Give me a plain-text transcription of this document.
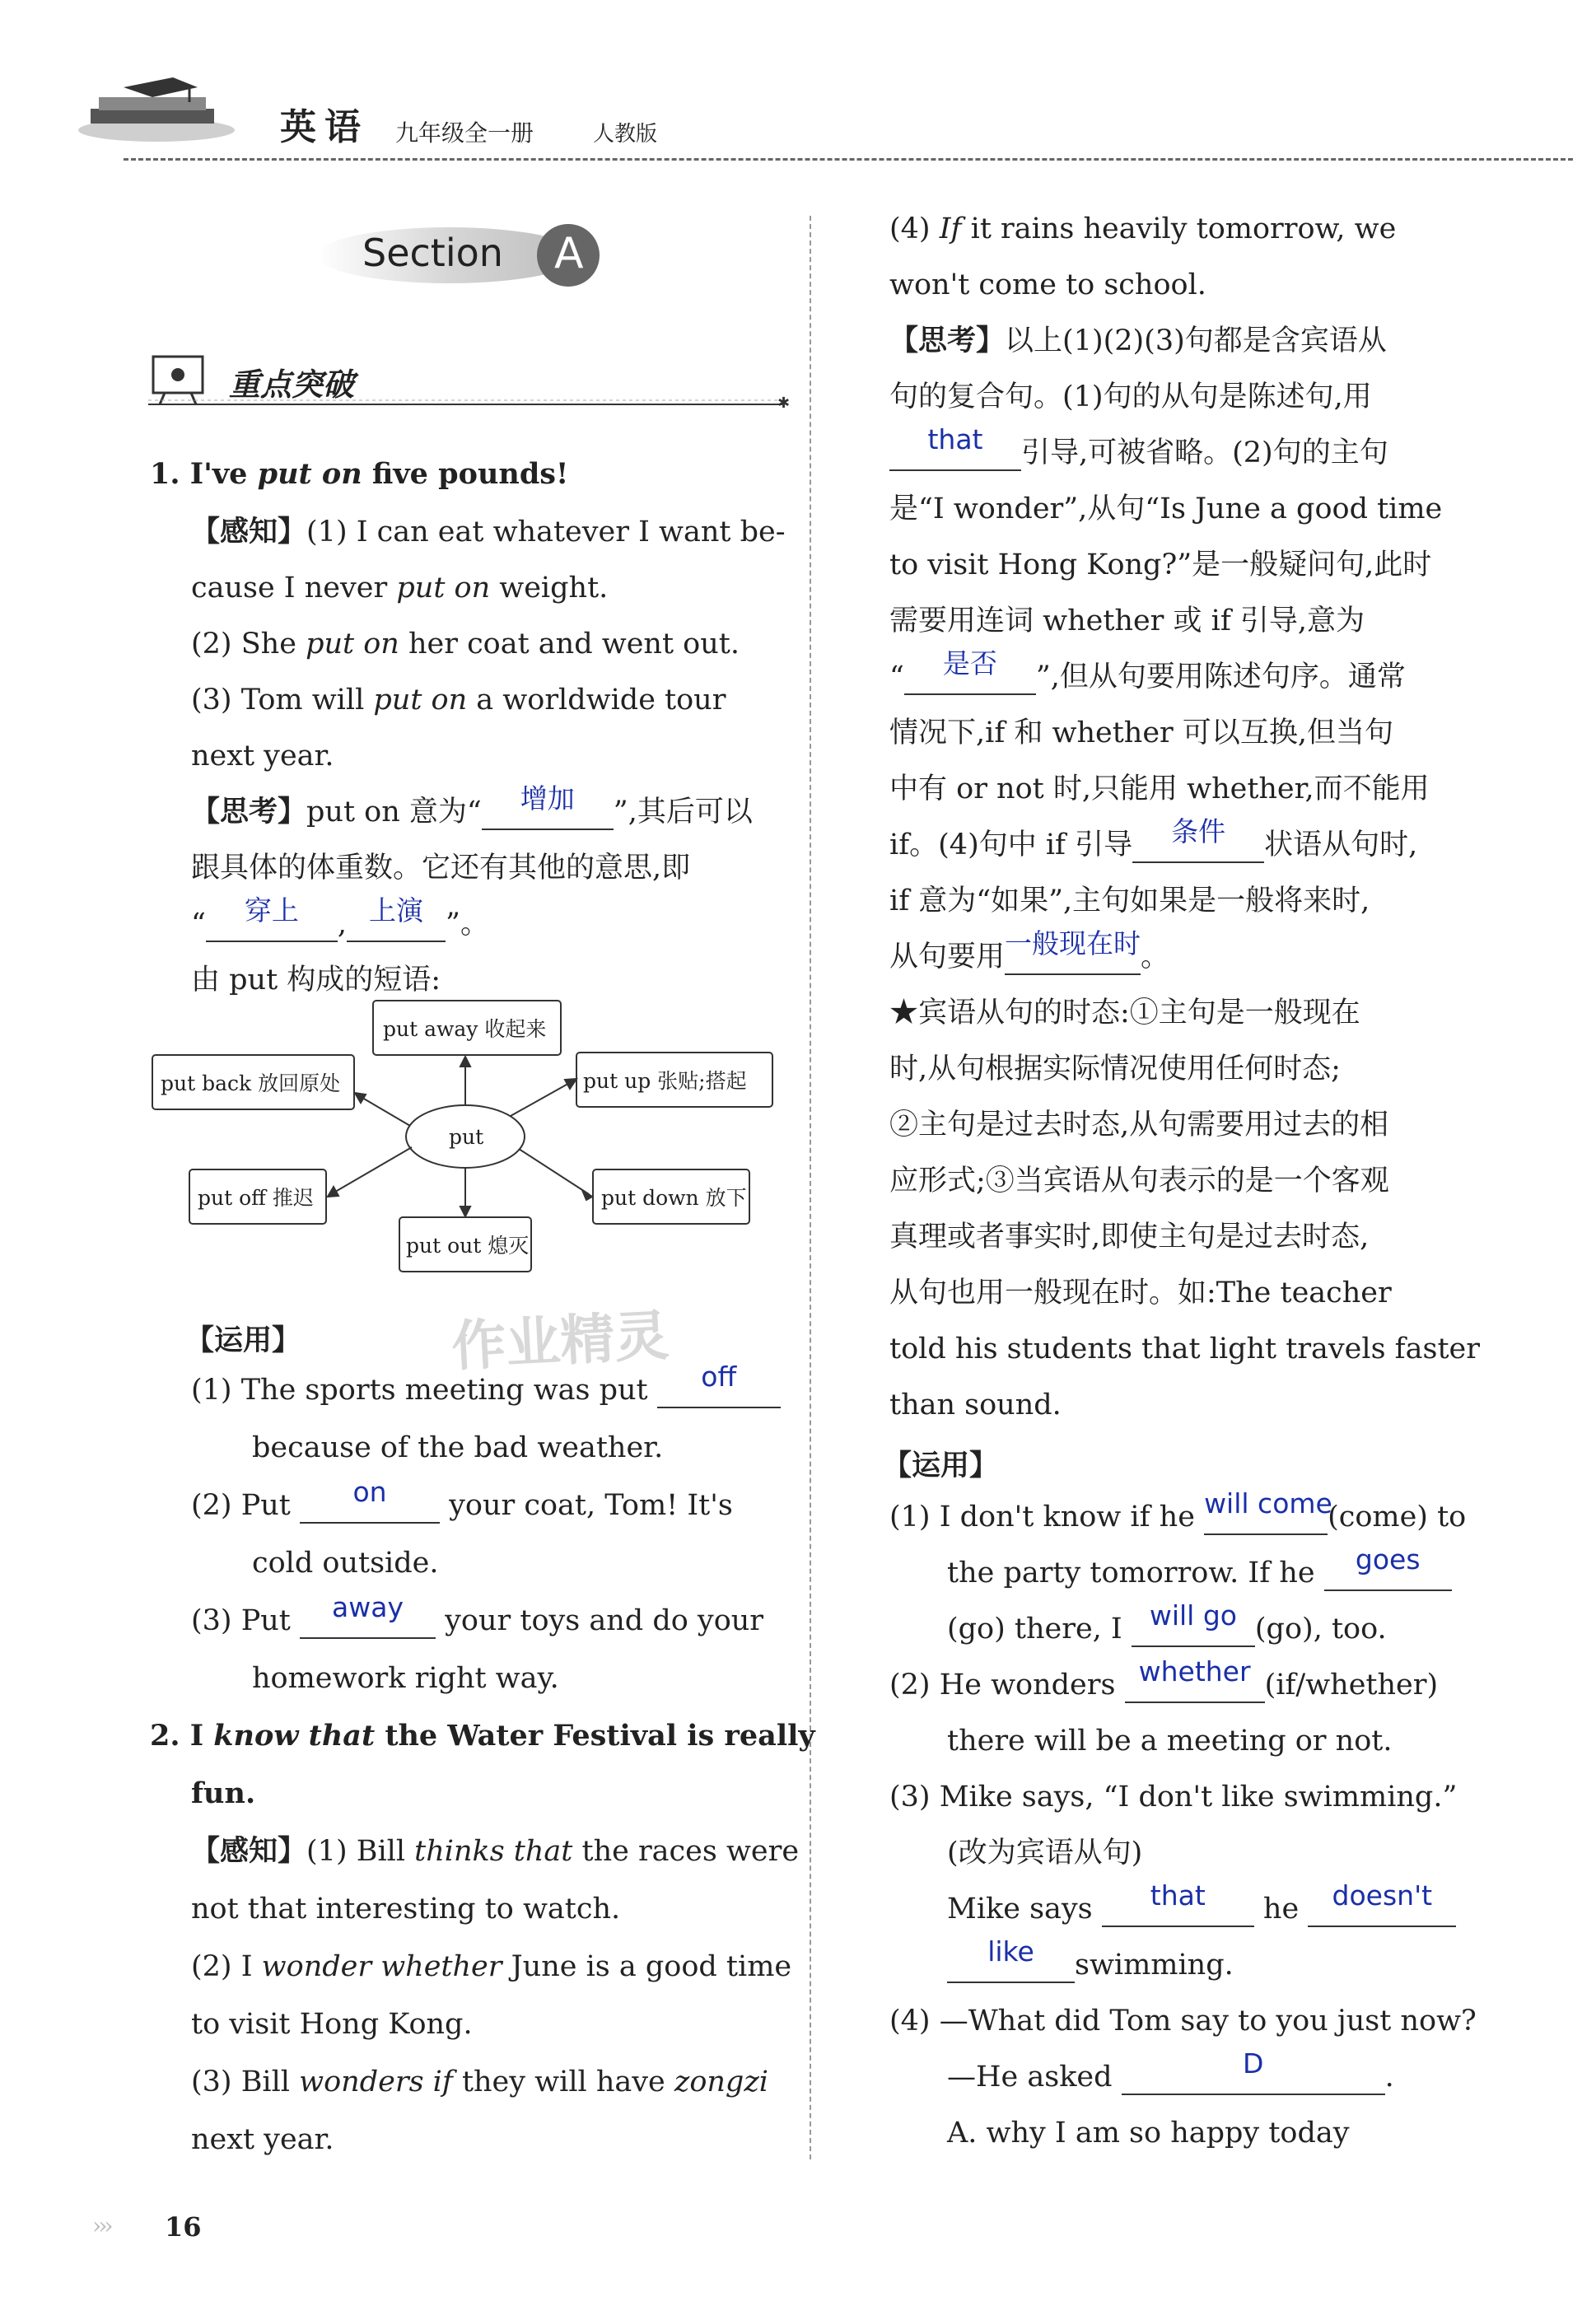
英语 九年级全一册	人教版
Section A
✱
重点突破
1. I've put on five pounds!
【感知】(1) I can eat whatever I want be-
cause I never put on weight.
(2) She put on her coat and went out.
(3) Tom will put on a worldwide tour
next year.
【思考】put on 意为“ 增加 ”,其后可以
跟具体的体重数。它还有其他的意思,即
“ 穿上 , 上演 ”。
由 put 构成的短语:
put
put away 收起来
put up 张贴;搭起
put back 放回原处
put off 推迟	put down 放下
put out 熄灭
作业精灵
【运用】
(1) The sports meeting was put off
because of the bad weather.
(2) Put on your coat, Tom! It's
cold outside.
(3) Put away your toys and do your
homework right way.
2. I know that the Water Festival is really
fun.
【感知】(1) Bill thinks that the races were
not that interesting to watch.
(2) I wonder whether June is a good time
to visit Hong Kong.
(3) Bill wonders if they will have zongzi
next year.
(4) If it rains heavily tomorrow, we
won't come to school.
【思考】以上(1)(2)(3)句都是含宾语从
句的复合句。(1)句的从句是陈述句,用
that 引导,可被省略。(2)句的主句
是“I wonder”,从句“Is June a good time
to visit Hong Kong?”是一般疑问句,此时
需要用连词 whether 或 if 引导,意为
“ 是否 ”,但从句要用陈述句序。通常
情况下,if 和 whether 可以互换,但当句
中有 or not 时,只能用 whether,而不能用
if。(4)句中 if 引导 条件 状语从句时,
if 意为“如果”,主句如果是一般将来时,
从句要用一般现在时。
★宾语从句的时态:①主句是一般现在
时,从句根据实际情况使用任何时态;
②主句是过去时态,从句需要用过去的相
应形式;③当宾语从句表示的是一个客观
真理或者事实时,即使主句是过去时态,
从句也用一般现在时。如:The teacher
told his students that light travels faster
than sound.
【运用】
(1) I don't know if he will come(come) to
the party tomorrow. If he goes
(go) there, I will go (go), too.
(2) He wonders whether (if/whether)
there will be a meeting or not.
(3) Mike says, “I don't like swimming.”
(改为宾语从句)
Mike says that he doesn't
like swimming.
(4) —What did Tom say to you just now?
—He asked	D	.
A. why I am so happy today
››› 16
